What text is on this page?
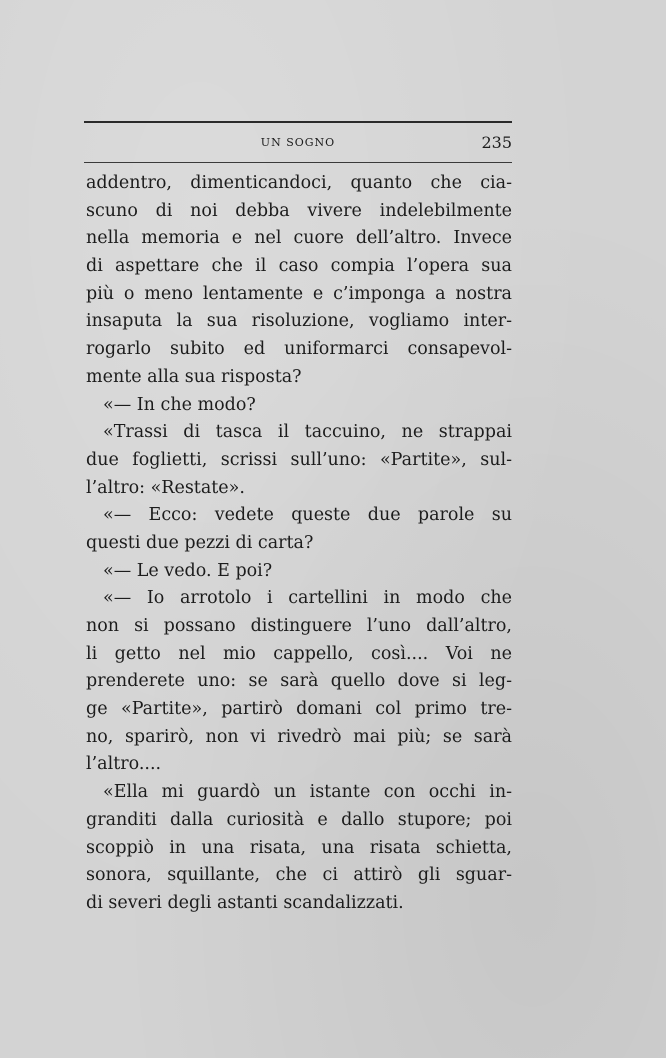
UN SOGNO	235
addentro, dimenticandoci, quanto che cia-
scuno di noi debba vivere indelebilmente
nella memoria e nel cuore dell’altro. Invece
di aspettare che il caso compia l’opera sua
più o meno lentamente e c’imponga a nostra
insaputa la sua risoluzione, vogliamo inter-
rogarlo subito ed uniformarci consapevol-
mente alla sua risposta?
«— In che modo?
«Trassi di tasca il taccuino, ne strappai
due foglietti, scrissi sull’uno: «Partite», sul-
l’altro: «Restate».
«— Ecco: vedete queste due parole su
questi due pezzi di carta?
«— Le vedo. E poi?
«— Io arrotolo i cartellini in modo che
non si possano distinguere l’uno dall’altro,
li getto nel mio cappello, così.... Voi ne
prenderete uno: se sarà quello dove si leg-
ge «Partite», partirò domani col primo tre-
no, sparirò, non vi rivedrò mai più; se sarà
l’altro....
«Ella mi guardò un istante con occhi in-
granditi dalla curiosità e dallo stupore; poi
scoppiò in una risata, una risata schietta,
sonora, squillante, che ci attirò gli sguar-
di severi degli astanti scandalizzati.
